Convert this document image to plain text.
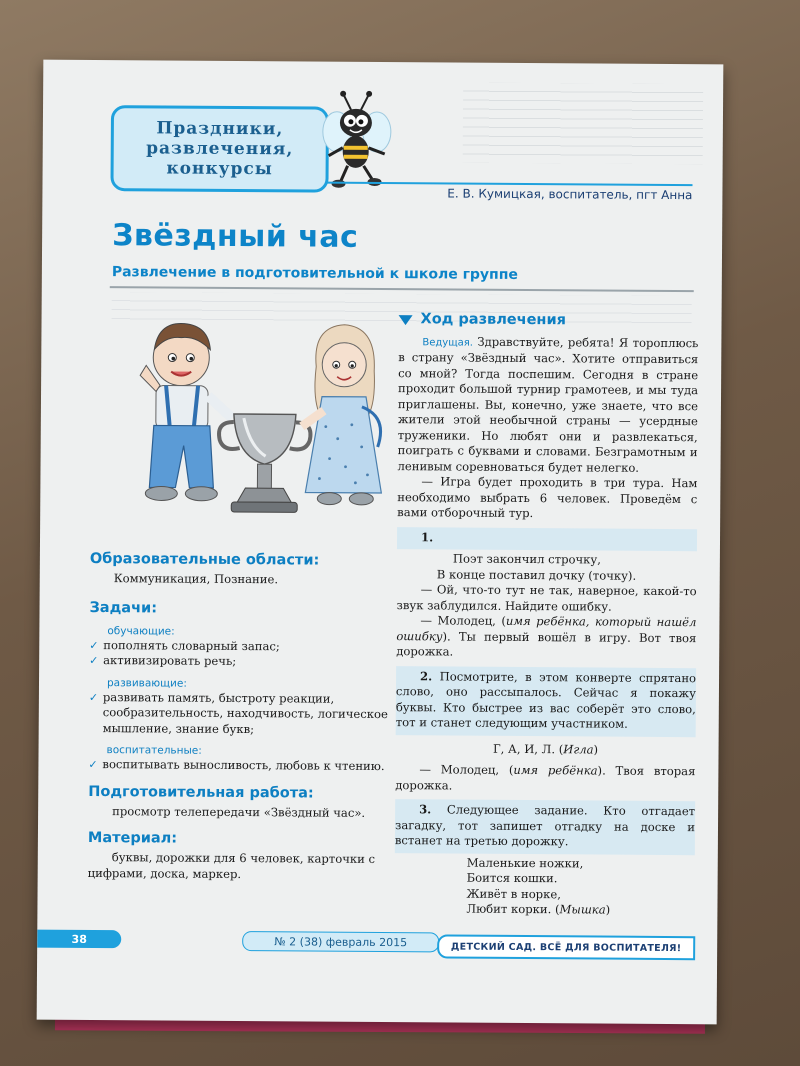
Праздники,
развлечения,
конкурсы
Е. В. Кумицкая, воспитатель, пгт Анна
Звёздный час
Развлечение в подготовительной к школе группе
Образовательные области:

Коммуникация, Познание.

Задачи:
обучающие:
✓ пополнять словарный запас;
✓ активизировать речь;
развивающие:
✓ развивать память, быстроту реакции, сообразительность, находчивость, логическое мышление, знание букв;
воспитательные:
✓ воспитывать выносливость, любовь к чтению.
Подготовительная работа:

просмотр телепередачи «Звёздный час».

Материал:

буквы, дорожки для 6 человек, карточки с цифрами, доска, маркер.

Ход развлечения

Ведущая. Здравствуйте, ребята! Я тороплюсь в страну «Звёздный час». Хотите отправиться со мной? Тогда поспешим. Сегодня в стране проходит большой турнир грамотеев, и мы туда приглашены. Вы, конечно, уже знаете, что все жители этой необычной страны — усердные труженики. Но любят они и развлекаться, поиграть с буквами и словами. Безграмотным и ленивым соревноваться будет нелегко.

— Игра будет проходить в три тура. Нам необходимо выбрать 6 человек. Проведём с вами отборочный тур.

1.

Поэт закончил строчку,

В конце поставил дочку (точку).

— Ой, что-то тут не так, наверное, какой-то звук заблудился. Найдите ошибку.

— Молодец, (имя ребёнка, который нашёл ошибку). Ты первый вошёл в игру. Вот твоя дорожка.

2. Посмотрите, в этом конверте спрятано слово, оно рассыпалось. Сейчас я покажу буквы. Кто быстрее из вас соберёт это слово, тот и станет следующим участником.

Г, А, И, Л. (Игла)

— Молодец, (имя ребёнка). Твоя вторая дорожка.

3. Следующее задание. Кто отгадает загадку, тот запишет отгадку на доске и встанет на третью дорожку.

Маленькие ножки,

Боится кошки.

Живёт в норке,

Любит корки. (Мышка)

38	№ 2 (38) февраль 2015	ДЕТСКИЙ САД. ВСЁ ДЛЯ ВОСПИТАТЕЛЯ!
